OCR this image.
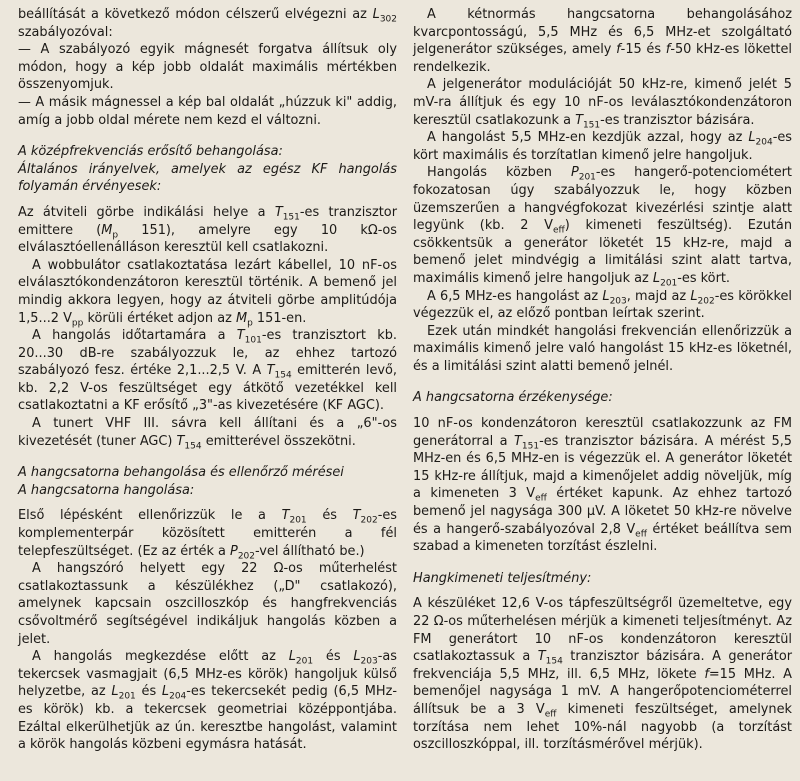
beállítását a következő módon célszerű elvégezni az $L_{302}$ szabályozóval:

— A szabályozó egyik mágnesét forgatva állítsuk oly módon, hogy a kép jobb oldalát maximális mértékben összenyomjuk.

— A másik mágnessel a kép bal oldalát „húzzuk ki" addig, amíg a jobb oldal mérete nem kezd el változni.

A középfrekvenciás erősítő behangolása:

Általános irányelvek, amelyek az egész KF hangolás folyamán érvényesek:

Az átviteli görbe indikálási helye a $T_{151}-es$ tranzisztor emittere ($M_p$ 151), amelyre egy 10 kΩ-os elválasztóellenálláson keresztül kell csatlakozni.

A wobbulátor csatlakoztatása lezárt kábellel, 10 nF-os elválasztókondenzátoron keresztül történik. A bemenő jel mindig akkora legyen, hogy az átviteli görbe amplitúdója 1,5...2 $V_{pp}$ körüli értéket adjon az $M_p$ 151-en.

A hangolás időtartamára a $T_{101}-es$ tranzisztort kb. 20...30 dB-re szabályozzuk le, az ehhez tartozó szabályozó fesz. értéke 2,1...2,5 V. A $T_{154}$ emitterén levő, kb. 2,2 V-os feszültséget egy átkötő vezetékkel kell csatlakoztatni a KF erősítő „3"-as kivezetésére (KF AGC).

A tunert VHF III. sávra kell állítani és a „6"-os kivezetését (tuner AGC) $T_{154}$ emitterével összekötni.

A hangcsatorna behangolása és ellenőrző mérései

A hangcsatorna hangolása:

Első lépésként ellenőrizzük le a $T_{201}$ és $T_{202}-es$ komplementerpár közösített emitterén a fél telepfeszültséget. (Ez az érték a $P_{202}$-vel állítható be.)

A hangszóró helyett egy 22 Ω-os műterhelést csatlakoztassunk a készülékhez („D" csatlakozó), amelynek kapcsain oszcilloszkóp és hangfrekvenciás csővoltmérő segítségével indikáljuk hangolás közben a jelet.

A hangolás megkezdése előtt az $L_{201}$ és $L_{203}-as$ tekercsek vasmagjait (6,5 MHz-es körök) hangoljuk külső helyzetbe, az $L_{201}$ és $L_{204}-es$ tekercsekét pedig (6,5 MHz-es körök) kb. a tekercsek geometriai középpontjába. Ezáltal elkerülhetjük az ún. keresztbe hangolást, valamint a körök hangolás közbeni egymásra hatását.

A kétnormás hangcsatorna behangolásához kvarcpontosságú, 5,5 MHz és 6,5 MHz-et szolgáltató jelgenerátor szükséges, amely f-15 és f-50 kHz-es lökettel rendelkezik.

A jelgenerátor modulációját 50 kHz-re, kimenő jelét 5 mV-ra állítjuk és egy 10 nF-os leválasztókondenzátoron keresztül csatlakozunk a $T_{151}-es$ tranzisztor bázisára.

A hangolást 5,5 MHz-en kezdjük azzal, hogy az $L_{204}-es$ kört maximális és torzítatlan kimenő jelre hangoljuk.

Hangolás közben $P_{201}-es$ hangerő-potenciométert fokozatosan úgy szabályozzuk le, hogy közben üzemszerűen a hangvégfokozat kivezérlési szintje alatt legyünk (kb. 2 $V_{eff}$) kimeneti feszültség). Ezután csökkentsük a generátor löketét 15 kHz-re, majd a bemenő jelet mindvégig a limitálási szint alatt tartva, maximális kimenő jelre hangoljuk az $L_{201}-es$ kört.

A 6,5 MHz-es hangolást az $L_{203}$, majd az $L_{202}-es$ körökkel végezzük el, az előző pontban leírtak szerint.

Ezek után mindkét hangolási frekvencián ellenőrizzük a maximális kimenő jelre való hangolást 15 kHz-es löketnél, és a limitálási szint alatti bemenő jelnél.

A hangcsatorna érzékenysége:

10 nF-os kondenzátoron keresztül csatlakozzunk az FM generátorral a $T_{151}-es$ tranzisztor bázisára. A mérést 5,5 MHz-en és 6,5 MHz-en is végezzük el. A generátor löketét 15 kHz-re állítjuk, majd a kimenőjelet addig növeljük, míg a kimeneten 3 $V_{eff}$ értéket kapunk. Az ehhez tartozó bemenő jel nagysága 300 µV. A löketet 50 kHz-re növelve és a hangerő-szabályozóval 2,8 $V_{eff}$ értéket beállítva sem szabad a kimeneten torzítást észlelni.

Hangkimeneti teljesítmény:

A készüléket 12,6 V-os tápfeszültségről üzemeltetve, egy 22 Ω-os műterhelésen mérjük a kimeneti teljesítményt. Az FM generátort 10 nF-os kondenzátoron keresztül csatlakoztassuk a $T_{154}$ tranzisztor bázisára. A generátor frekvenciája 5,5 MHz, ill. 6,5 MHz, lökete f=15 MHz. A bemenőjel nagysága 1 mV. A hangerőpotenciométerrel állítsuk be a 3 $V_{eff}$ kimeneti feszültséget, amelynek torzítása nem lehet 10%-nál nagyobb (a torzítást oszcilloszkóppal, ill. torzításmérővel mérjük).
